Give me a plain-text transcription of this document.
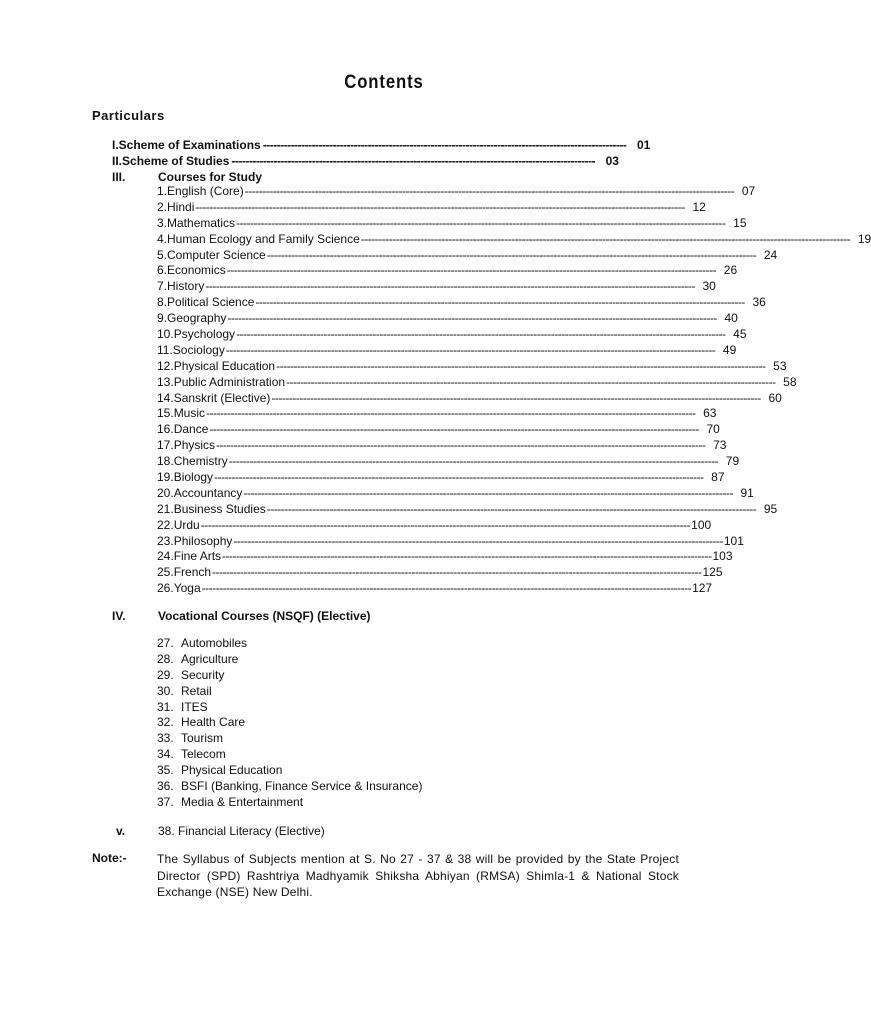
Contents
Particulars
I. Scheme of Examinations -------------------------------------------------------------------------------------------------------- 01
II. Scheme of Studies -------------------------------------------------------------------------------------------------------- 03
III.	Courses for Study
1. English (Core) -------------------------------------------------------------------------------------------------------------------------------------------- 07
2. Hindi -------------------------------------------------------------------------------------------------------------------------------------------- 12
3. Mathematics -------------------------------------------------------------------------------------------------------------------------------------------- 15
4. Human Ecology and Family Science -------------------------------------------------------------------------------------------------------------------------------------------- 19
5. Computer Science -------------------------------------------------------------------------------------------------------------------------------------------- 24
6. Economics -------------------------------------------------------------------------------------------------------------------------------------------- 26
7. History -------------------------------------------------------------------------------------------------------------------------------------------- 30
8. Political Science -------------------------------------------------------------------------------------------------------------------------------------------- 36
9. Geography -------------------------------------------------------------------------------------------------------------------------------------------- 40
10. Psychology -------------------------------------------------------------------------------------------------------------------------------------------- 45
11. Sociology -------------------------------------------------------------------------------------------------------------------------------------------- 49
12. Physical Education -------------------------------------------------------------------------------------------------------------------------------------------- 53
13. Public Administration -------------------------------------------------------------------------------------------------------------------------------------------- 58
14. Sanskrit (Elective) -------------------------------------------------------------------------------------------------------------------------------------------- 60
15. Music -------------------------------------------------------------------------------------------------------------------------------------------- 63
16. Dance -------------------------------------------------------------------------------------------------------------------------------------------- 70
17. Physics -------------------------------------------------------------------------------------------------------------------------------------------- 73
18. Chemistry -------------------------------------------------------------------------------------------------------------------------------------------- 79
19. Biology -------------------------------------------------------------------------------------------------------------------------------------------- 87
20. Accountancy -------------------------------------------------------------------------------------------------------------------------------------------- 91
21. Business Studies -------------------------------------------------------------------------------------------------------------------------------------------- 95
22. Urdu -------------------------------------------------------------------------------------------------------------------------------------------- 100
23. Philosophy -------------------------------------------------------------------------------------------------------------------------------------------- 101
24. Fine Arts -------------------------------------------------------------------------------------------------------------------------------------------- 103
25. French -------------------------------------------------------------------------------------------------------------------------------------------- 125
26. Yoga -------------------------------------------------------------------------------------------------------------------------------------------- 127
IV.	Vocational Courses (NSQF) (Elective)
27. Automobiles
28. Agriculture
29. Security
30. Retail
31. ITES
32. Health Care
33. Tourism
34. Telecom
35. Physical Education
36. BSFI (Banking, Finance Service & Insurance)
37. Media & Entertainment
v.	38. Financial Literacy (Elective)
Note:-	The Syllabus of Subjects mention at S. No 27 - 37 & 38 will be provided by the State Project Director (SPD) Rashtriya Madhyamik Shiksha Abhiyan (RMSA) Shimla-1 & National Stock Exchange (NSE) New Delhi.
